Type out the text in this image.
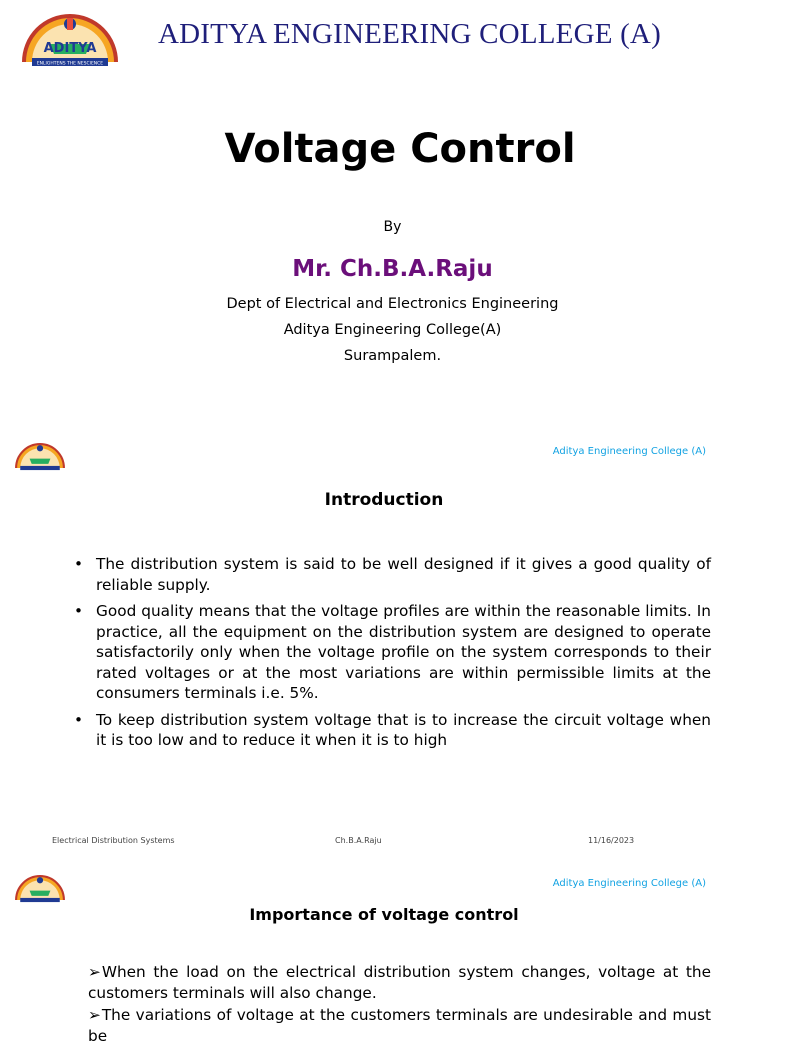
ADITYA
ENLIGHTENS THE NESCIENCE
ADITYA ENGINEERING COLLEGE (A)
Voltage Control
By
Mr. Ch.B.A.Raju
Dept of Electrical and Electronics Engineering
Aditya Engineering College(A)
Surampalem.
Aditya Engineering College (A)
Introduction
• The distribution system is said to be well designed if it gives a good quality of reliable supply.
• Good quality means that the voltage profiles are within the reasonable limits. In practice, all the equipment on the distribution system are designed to operate satisfactorily only when the voltage profile on the system corresponds to their rated voltages or at the most variations are within permissible limits at the consumers terminals i.e. 5%.
• To keep distribution system voltage that is to increase the circuit voltage when it is too low and to reduce it when it is to high
Electrical Distribution Systems	Ch.B.A.Raju	11/16/2023
Aditya Engineering College (A)
Importance of voltage control
➢When the load on the electrical distribution system changes, voltage at the customers terminals will also change.
➢The variations of voltage at the customers terminals are undesirable and must be
